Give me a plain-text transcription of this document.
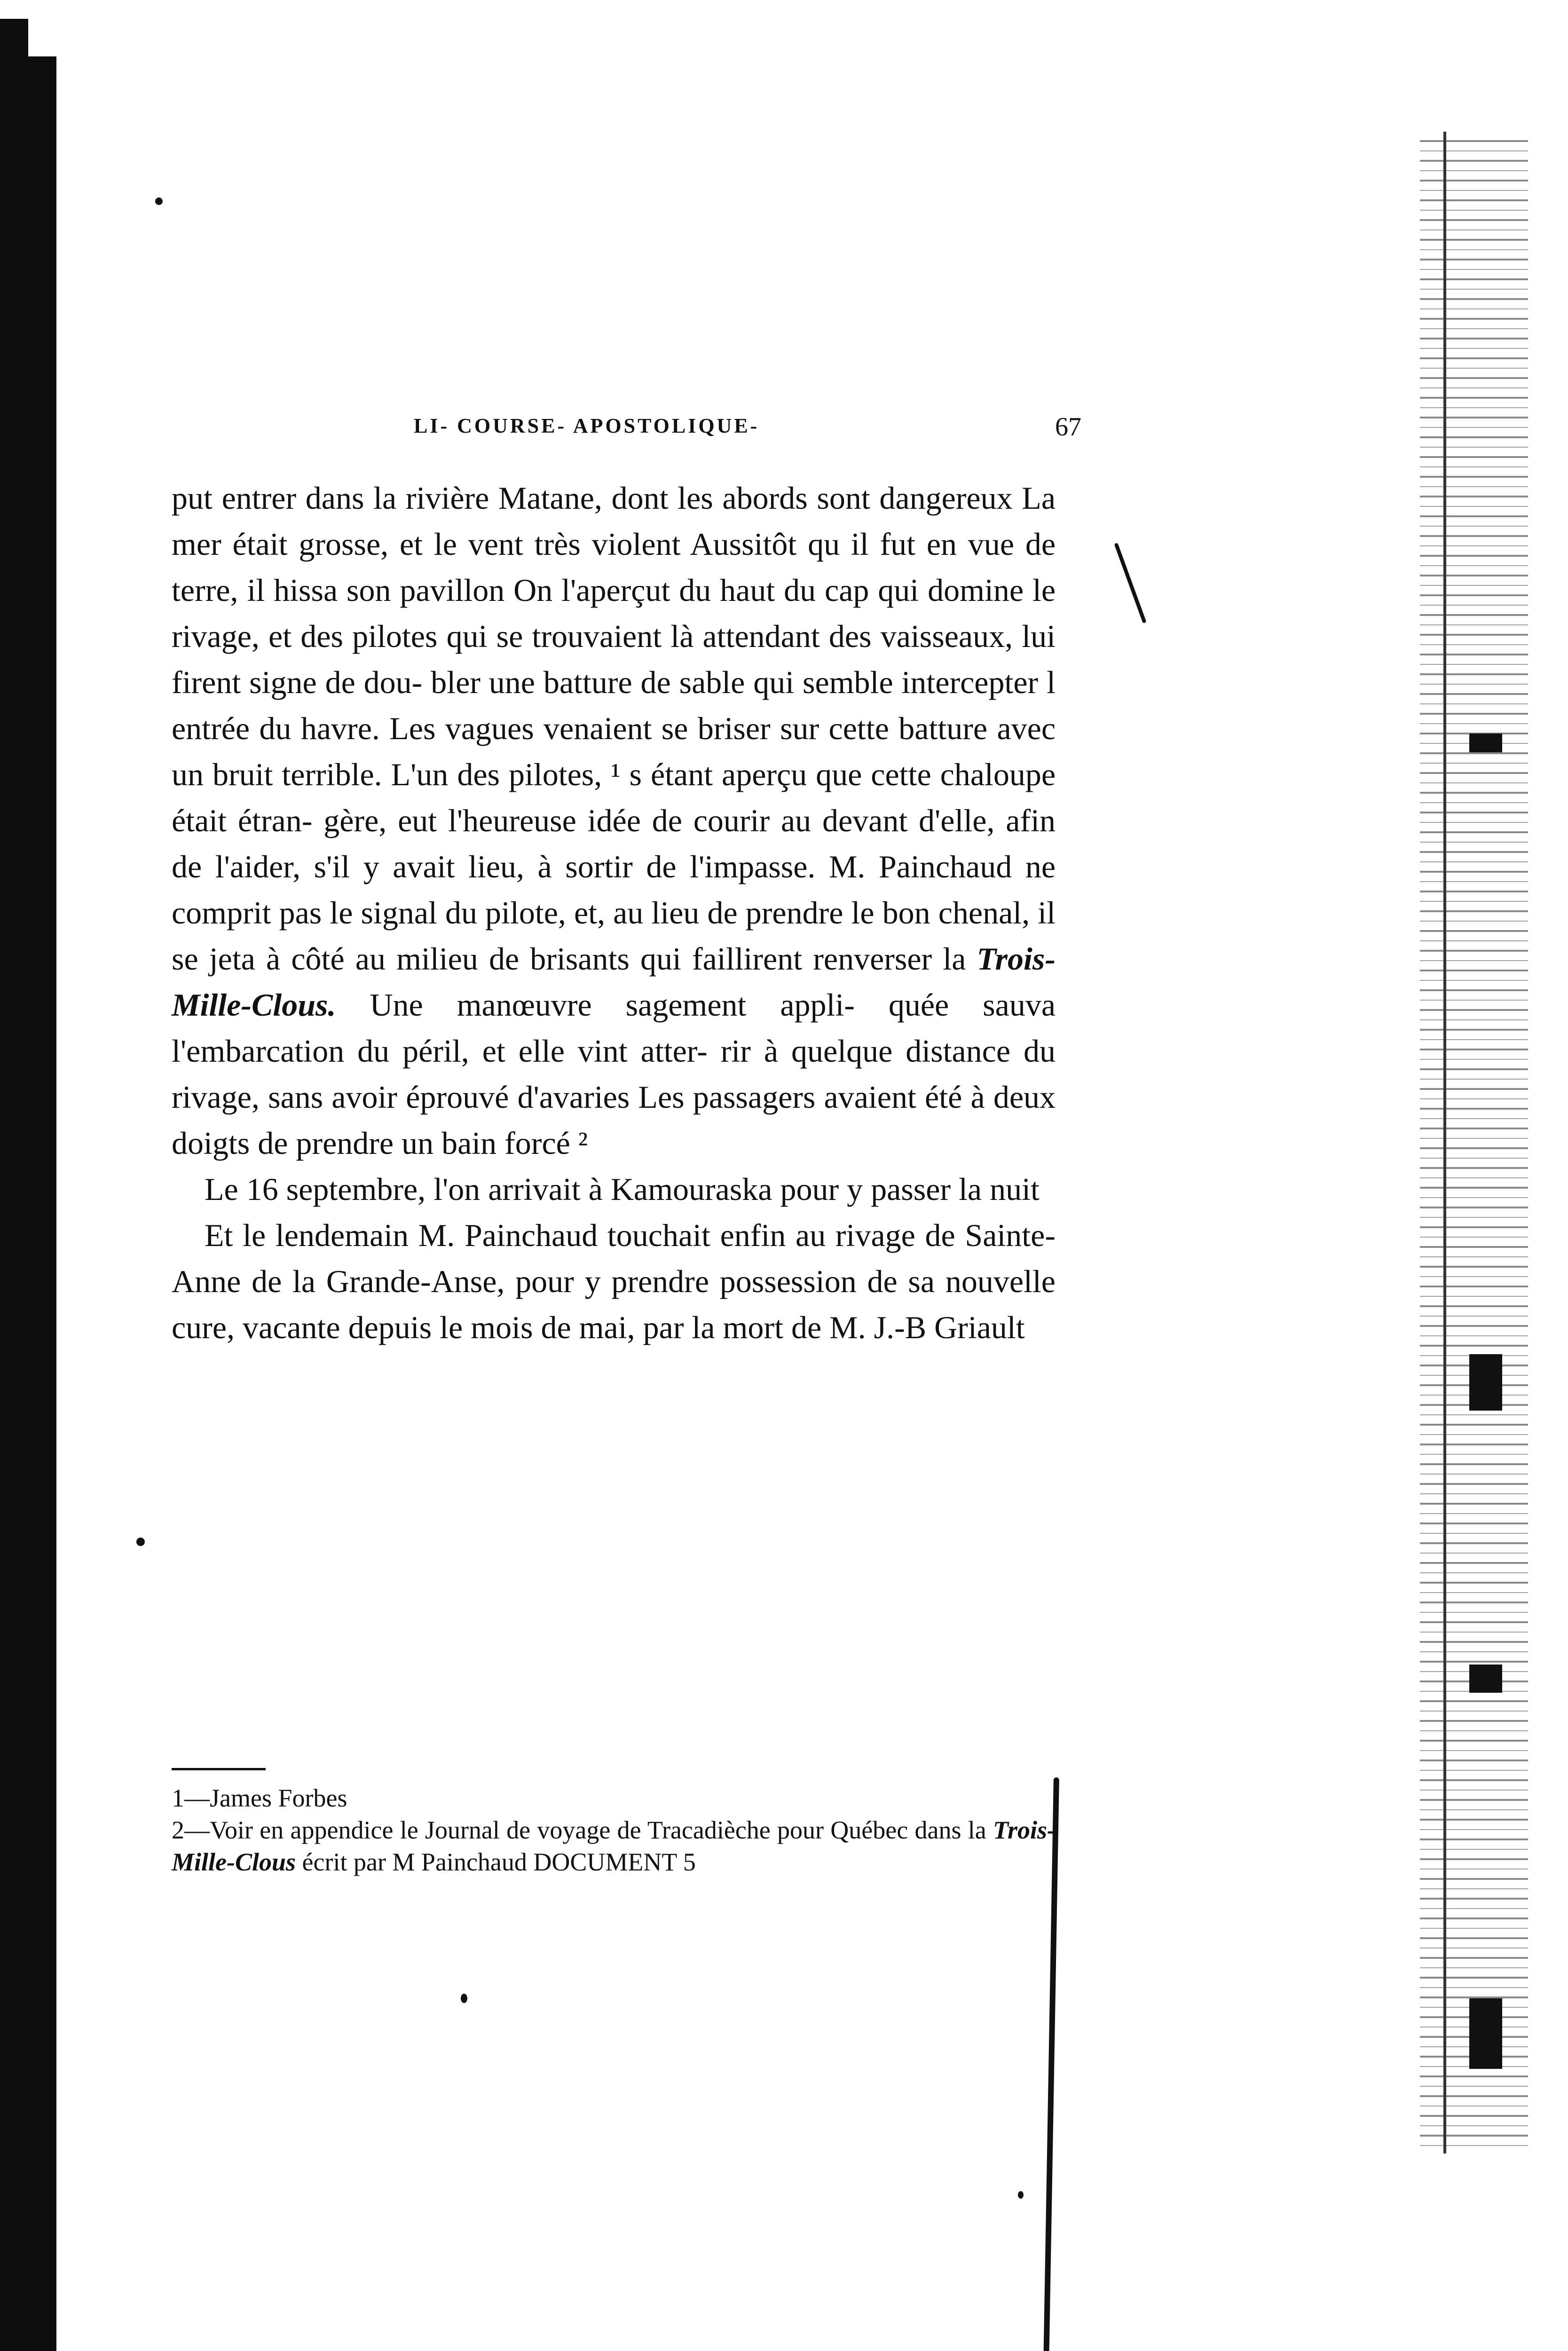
LI‑ COURSE‑ APOSTOLIQUE‑	67

put entrer dans la rivière Matane, dont les abords sont dangereux La mer était grosse, et le vent très violent Aussitôt qu il fut en vue de terre, il hissa son pavillon On l'aperçut du haut du cap qui domine le rivage, et des pilotes qui se trouvaient là attendant des vaisseaux, lui firent signe de dou- bler une batture de sable qui semble intercepter l entrée du havre. Les vagues venaient se briser sur cette batture avec un bruit terrible. L'un des pilotes, ¹ s étant aperçu que cette chaloupe était étran- gère, eut l'heureuse idée de courir au devant d'elle, afin de l'aider, s'il y avait lieu, à sortir de l'impasse. M. Painchaud ne comprit pas le signal du pilote, et, au lieu de prendre le bon chenal, il se jeta à côté au milieu de brisants qui faillirent renverser la Trois-Mille-Clous. Une manœuvre sagement appli- quée sauva l'embarcation du péril, et elle vint atter- rir à quelque distance du rivage, sans avoir éprouvé d'avaries Les passagers avaient été à deux doigts de prendre un bain forcé ²

Le 16 septembre, l'on arrivait à Kamouraska pour y passer la nuit

Et le lendemain M. Painchaud touchait enfin au rivage de Sainte-Anne de la Grande-Anse, pour y prendre possession de sa nouvelle cure, vacante depuis le mois de mai, par la mort de M. J.-B Griault

1—James Forbes

2—Voir en appendice le Journal de voyage de Tracadièche pour Québec dans la Trois-Mille-Clous écrit par M Painchaud DOCUMENT 5
